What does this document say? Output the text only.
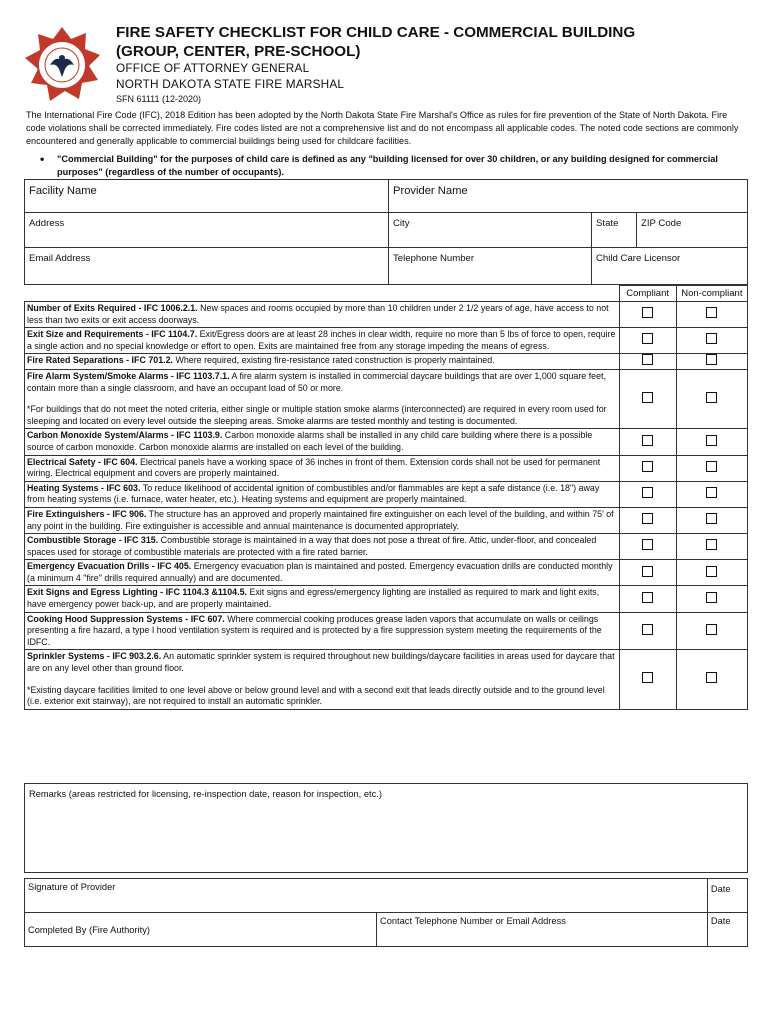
FIRE SAFETY CHECKLIST FOR CHILD CARE - COMMERCIAL BUILDING
(GROUP, CENTER, PRE-SCHOOL)
OFFICE OF ATTORNEY GENERAL
NORTH DAKOTA STATE FIRE MARSHAL
SFN 61111 (12-2020)
The International Fire Code (IFC), 2018 Edition has been adopted by the North Dakota State Fire Marshal's Office as rules for fire prevention of the State of North Dakota. Fire code violations shall be corrected immediately. Fire codes listed are not a comprehensive list and do not encompass all applicable codes. The noted code sections are commonly encountered and generally applicable to commercial buildings being used for childcare facilities.
• "Commercial Building" for the purposes of child care is defined as any "building licensed for over 30 children, or any building designed for commercial purposes" (regardless of the number of occupants).
Facility Name	Provider Name		
Address	City	State	ZIP Code
Email Address	Telephone Number	Child Care Licensor	
	Compliant	Non-compliant
Number of Exits Required - IFC 1006.2.1. New spaces and rooms occupied by more than 10 children under 2 1/2 years of age, have access to not less than two exits or exit access doorways.		
Exit Size and Requirements - IFC 1104.7. Exit/Egress doors are at least 28 inches in clear width, require no more than 5 lbs of force to open, require a single action and no special knowledge or effort to open. Exits are maintained free from any storage impeding the means of egress.		
Fire Rated Separations - IFC 701.2. Where required, existing fire-resistance rated construction is properly maintained.		
Fire Alarm System/Smoke Alarms - IFC 1103.7.1. A fire alarm system is installed in commercial daycare buildings that are over 1,000 square feet, contain more than a single classroom, and have an occupant load of 50 or more.
*For buildings that do not meet the noted criteria, either single or multiple station smoke alarms (interconnected) are required in every room used for sleeping and located on every level outside the sleeping areas. Smoke alarms are tested monthly and testing is documented.		

Carbon Monoxide System/Alarms - IFC 1103.9. Carbon monoxide alarms shall be installed in any child care building where there is a possible source of carbon monoxide. Carbon monoxide alarms are installed on each level of the building.		
Electrical Safety - IFC 604. Electrical panels have a working space of 36 inches in front of them. Extension cords shall not be used for permanent wiring. Electrical equipment and covers are properly maintained.		
Heating Systems - IFC 603. To reduce likelihood of accidental ignition of combustibles and/or flammables are kept a safe distance (i.e. 18") away from heating systems (i.e. furnace, water heater, etc.). Heating systems and equipment are properly maintained.		
Fire Extinguishers - IFC 906. The structure has an approved and properly maintained fire extinguisher on each level of the building, and within 75' of any point in the building. Fire extinguisher is accessible and annual maintenance is documented appropriately.		
Combustible Storage - IFC 315. Combustible storage is maintained in a way that does not pose a threat of fire. Attic, under-floor, and concealed spaces used for storage of combustible materials are protected with a fire rated barrier.		
Emergency Evacuation Drills - IFC 405. Emergency evacuation plan is maintained and posted. Emergency evacuation drills are conducted monthly (a minimum 4 "fire" drills required annually) and are documented.		
Exit Signs and Egress Lighting - IFC 1104.3 &1104.5. Exit signs and egress/emergency lighting are installed as required to mark and light exits, have emergency power back-up, and are properly maintained.		
Cooking Hood Suppression Systems - IFC 607. Where commercial cooking produces grease laden vapors that accumulate on walls or ceilings presenting a fire hazard, a type I hood ventilation system is required and is protected by a fire suppression system meeting the requirements of the IDFC.		
Sprinkler Systems - IFC 903.2.6. An automatic sprinkler system is required throughout new buildings/daycare facilities in areas used for daycare that are on any level other than ground floor.
*Existing daycare facilities limited to one level above or below ground level and with a second exit that leads directly outside and to the ground level (i.e. exterior exit stairway), are not required to install an automatic sprinkler.		

Remarks (areas restricted for licensing, re-inspection date, reason for inspection, etc.)
Signature of Provider		Date
Completed By (Fire Authority)	Contact Telephone Number or Email Address	Date
